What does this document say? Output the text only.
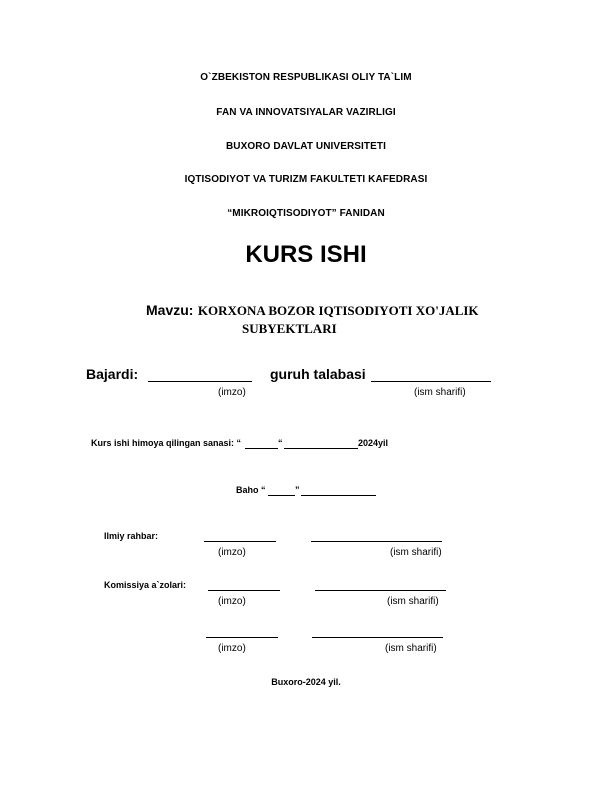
O`ZBEKISTON RESPUBLIKASI OLIY TA`LIM
FAN VA INNOVATSIYALAR VAZIRLIGI
BUXORO DAVLAT UNIVERSITETI
IQTISODIYOT VA TURIZM FAKULTETI KAFEDRASI
“MIKROIQTISODIYOT” FANIDAN
KURS ISHI
Mavzu: KORXONA BOZOR IQTISODIYOTI XO'JALIK
SUBYEKTLARI
Bajardi:	guruh talabasi
(imzo)	(ism sharifi)
Kurs ishi himoya qilingan sanasi: “	“	2024yil
Baho “	”
Ilmiy rahbar:
(imzo)	(ism sharifi)
Komissiya a`zolari:
(imzo)	(ism sharifi)
(imzo)	(ism sharifi)
Buxoro-2024 yil.
